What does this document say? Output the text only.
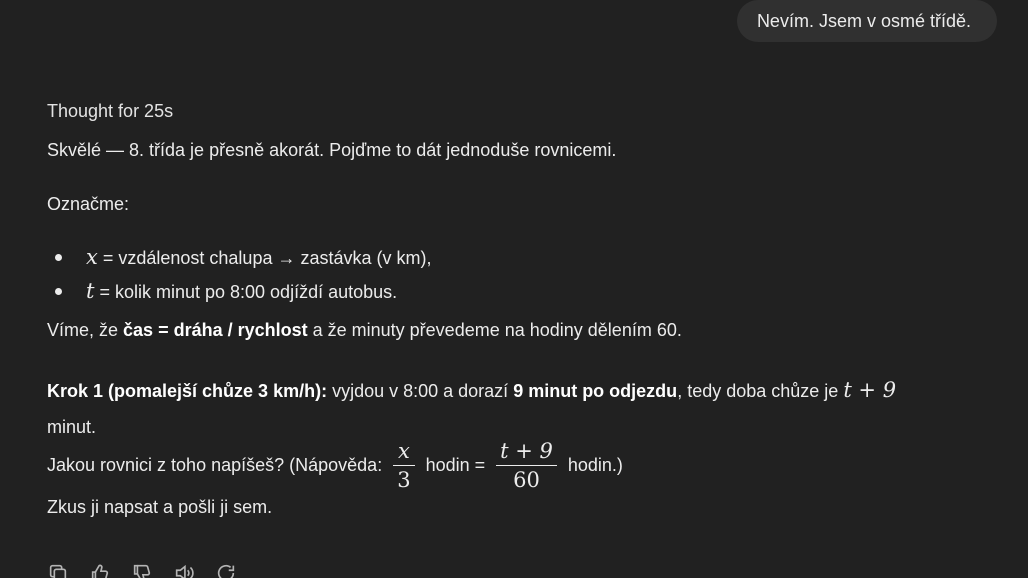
Nevím. Jsem v osmé třídě.

Thought for 25s

Skvělé — 8. třída je přesně akorát. Pojďme to dát jednoduše rovnicemi.

Označme:

x = vzdálenost chalupa → zastávka (v km),
t = kolik minut po 8:00 odjíždí autobus.

Víme, že čas = dráha / rychlost a že minuty převedeme na hodiny dělením 60.

Krok 1 (pomalejší chůze 3 km/h): vyjdou v 8:00 a dorazí 9 minut po odjezdu, tedy doba chůze je t + 9
minut.

Jakou rovnici z toho napíšeš? (Nápověda: $\frac{x}{3}$ hodin = $\frac{t + 9}{60}$ hodin.)

Zkus ji napsat a pošli ji sem.
